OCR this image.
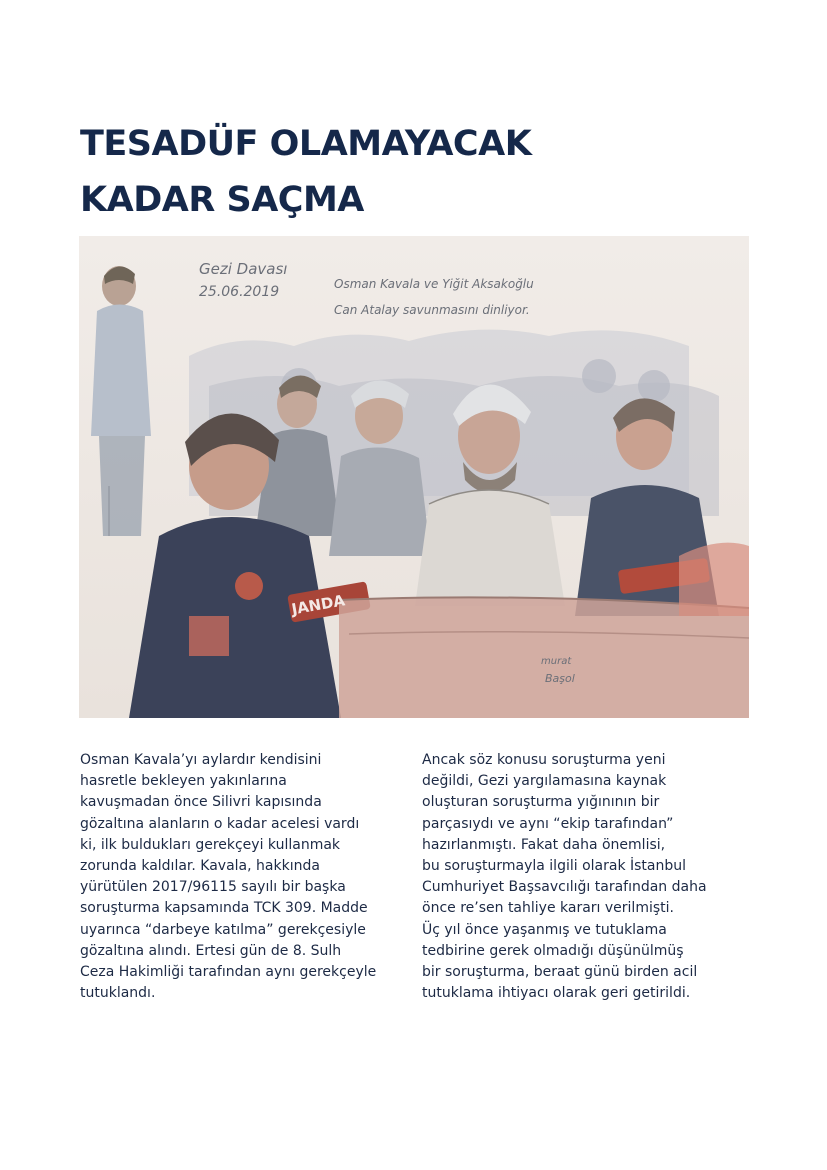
TESADÜF OLAMAYACAK
KADAR SAÇMA
Gezi Davası
25.06.2019	Osman Kavala ve Yiğit Aksakoğlu
Can Atalay savunmasını dinliyor.
JANDA
murat
Başol
Osman Kavala’yı aylardır kendisini
hasretle bekleyen yakınlarına
kavuşmadan önce Silivri kapısında
gözaltına alanların o kadar acelesi vardı
ki, ilk buldukları gerekçeyi kullanmak
zorunda kaldılar. Kavala, hakkında
yürütülen 2017/96115 sayılı bir başka
soruşturma kapsamında TCK 309. Madde
uyarınca “darbeye katılma” gerekçesiyle
gözaltına alındı. Ertesi gün de 8. Sulh
Ceza Hakimliği tarafından aynı gerekçeyle
tutuklandı.
Ancak söz konusu soruşturma yeni
değildi, Gezi yargılamasına kaynak
oluşturan soruşturma yığınının bir
parçasıydı ve aynı “ekip tarafından”
hazırlanmıştı. Fakat daha önemlisi,
bu soruşturmayla ilgili olarak İstanbul
Cumhuriyet Başsavcılığı tarafından daha
önce re’sen tahliye kararı verilmişti.
Üç yıl önce yaşanmış ve tutuklama
tedbirine gerek olmadığı düşünülmüş
bir soruşturma, beraat günü birden acil
tutuklama ihtiyacı olarak geri getirildi.
